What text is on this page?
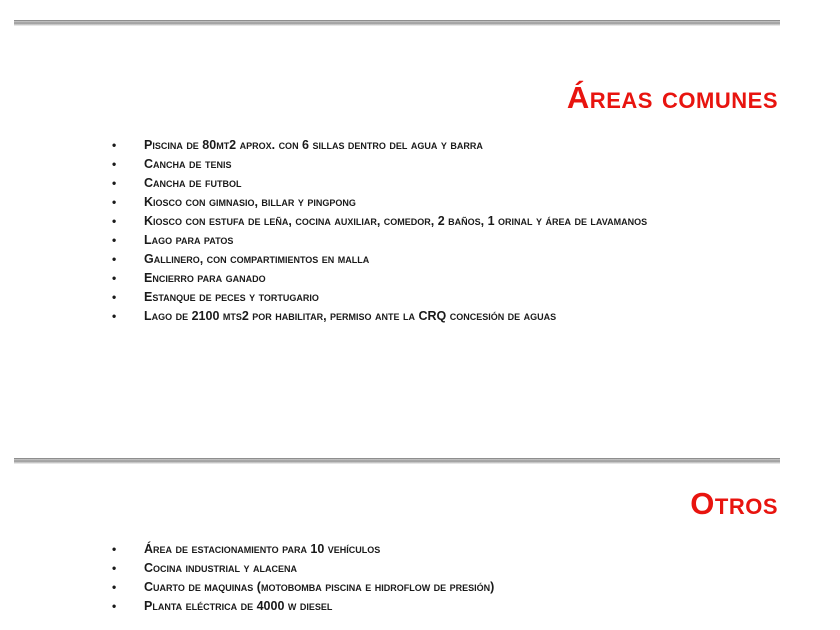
Áreas comunes
• Piscina de 80mt2 aprox. con 6 sillas dentro del agua y barra
• Cancha de tenis
• Cancha de futbol
• Kiosco con gimnasio, billar y pingpong
• Kiosco con estufa de leña, cocina auxiliar, comedor, 2 baños, 1 orinal y área de lavamanos
• Lago para patos
• Gallinero, con compartimientos en malla
• Encierro para ganado
• Estanque de peces y tortugario
• Lago de 2100 mts2 por habilitar, permiso ante la CRQ concesión de aguas
Otros
• Área de estacionamiento para 10 vehículos
• Cocina industrial y alacena
• Cuarto de maquinas (motobomba piscina e hidroflow de presión)
• Planta eléctrica de 4000 w diesel
